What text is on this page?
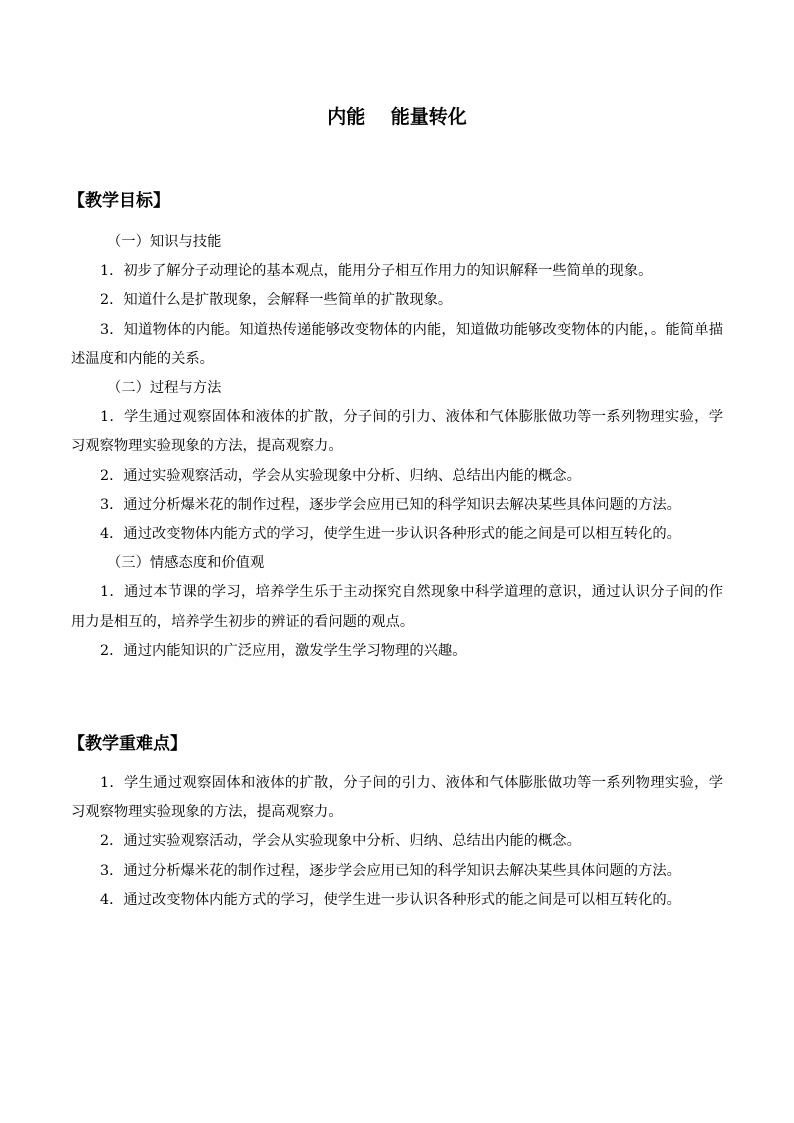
内能　 能量转化
【教学目标】
（一）知识与技能
1．初步了解分子动理论的基本观点，能用分子相互作用力的知识解释一些简单的现象。
2．知道什么是扩散现象，会解释一些简单的扩散现象。
3．知道物体的内能。知道热传递能够改变物体的内能，知道做功能够改变物体的内能，。能简单描述温度和内能的关系。
（二）过程与方法
1．学生通过观察固体和液体的扩散，分子间的引力、液体和气体膨胀做功等一系列物理实验，学习观察物理实验现象的方法，提高观察力。
2．通过实验观察活动，学会从实验现象中分析、归纳、总结出内能的概念。
3．通过分析爆米花的制作过程，逐步学会应用已知的科学知识去解决某些具体问题的方法。
4．通过改变物体内能方式的学习，使学生进一步认识各种形式的能之间是可以相互转化的。
（三）情感态度和价值观
1．通过本节课的学习，培养学生乐于主动探究自然现象中科学道理的意识，通过认识分子间的作用力是相互的，培养学生初步的辨证的看问题的观点。
2．通过内能知识的广泛应用，激发学生学习物理的兴趣。
【教学重难点】
1．学生通过观察固体和液体的扩散，分子间的引力、液体和气体膨胀做功等一系列物理实验，学习观察物理实验现象的方法，提高观察力。
2．通过实验观察活动，学会从实验现象中分析、归纳、总结出内能的概念。
3．通过分析爆米花的制作过程，逐步学会应用已知的科学知识去解决某些具体问题的方法。
4．通过改变物体内能方式的学习，使学生进一步认识各种形式的能之间是可以相互转化的。
